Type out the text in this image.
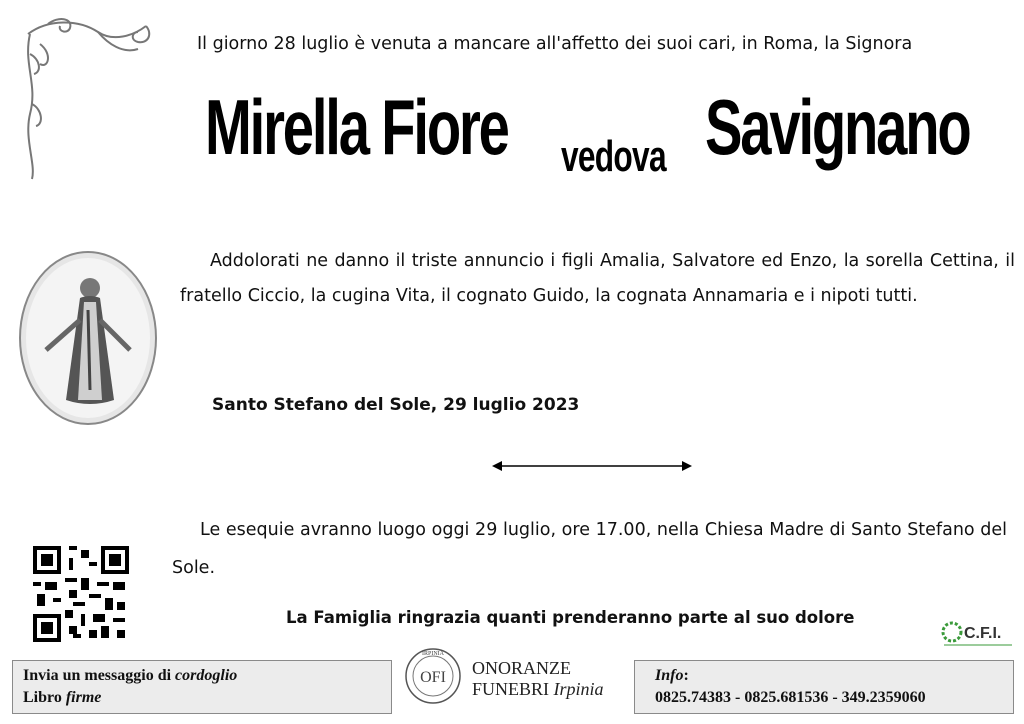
Il giorno 28 luglio è venuta a mancare all'affetto dei suoi cari, in Roma, la Signora
Mirella Fiore vedova Savignano
Addolorati ne danno il triste annuncio i figli Amalia, Salvatore ed Enzo, la sorella Cettina, il fratello Ciccio, la cugina Vita, il cognato Guido, la cognata Annamaria e i nipoti tutti.
Santo Stefano del Sole, 29 luglio 2023
Le esequie avranno luogo oggi 29 luglio, ore 17.00, nella Chiesa Madre di Santo Stefano del Sole.
La Famiglia ringrazia quanti prenderanno parte al suo dolore
C.F.I.
Invia un messaggio di cordoglio
Libro firme
IRPINIA
OFI ONORANZE
FUNEBRI Irpinia
Info:
0825.74383 - 0825.681536 - 349.2359060
